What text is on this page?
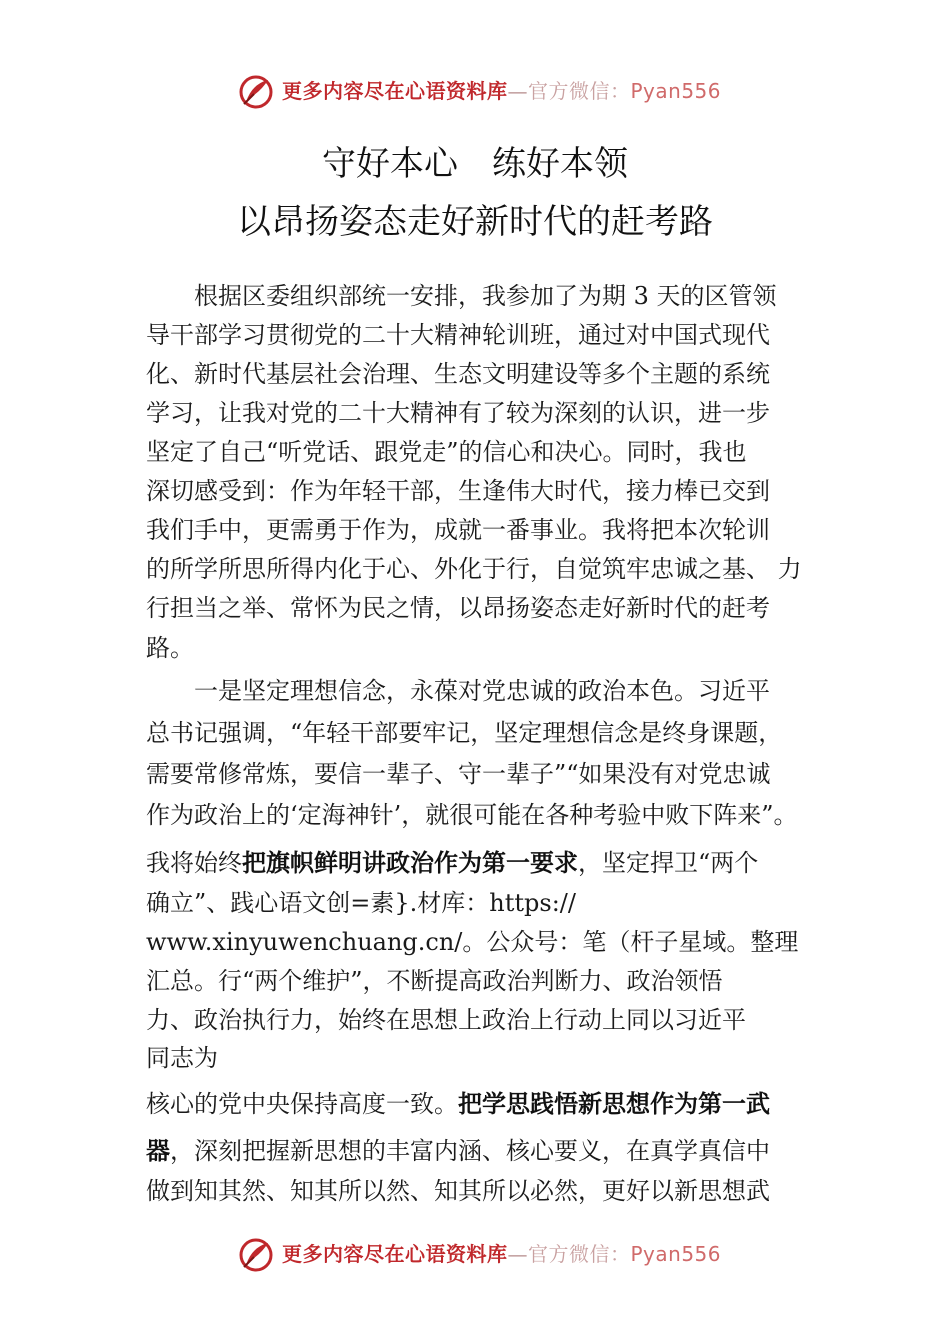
更多内容尽在心语资料库—官方微信：Pyan556
守好本心　练好本领
以昂扬姿态走好新时代的赶考路
　　根据区委组织部统一安排，我参加了为期 3 天的区管领
导干部学习贯彻党的二十大精神轮训班，通过对中国式现代
化、新时代基层社会治理、生态文明建设等多个主题的系统
学习，让我对党的二十大精神有了较为深刻的认识，进一步
坚定了自己“听党话、跟党走”的信心和决心。同时，我也
深切感受到：作为年轻干部，生逢伟大时代，接力棒已交到
我们手中，更需勇于作为，成就一番事业。我将把本次轮训
的所学所思所得内化于心、外化于行，自觉筑牢忠诚之基、 力
行担当之举、常怀为民之情，以昂扬姿态走好新时代的赶考
路。
　　一是坚定理想信念，永葆对党忠诚的政治本色。习近平
总书记强调，“年轻干部要牢记，坚定理想信念是终身课题，
需要常修常炼，要信一辈子、守一辈子”“如果没有对党忠诚
作为政治上的‘定海神针’，就很可能在各种考验中败下阵来”。
我将始终把旗帜鲜明讲政治作为第一要求，坚定捍卫“两个
确立”、践心语文创=素}.材库：https://
www.xinyuwenchuang.cn/。公众号：笔（杆子星域。整理
汇总。行“两个维护”，不断提高政治判断力、政治领悟
力、政治执行力，始终在思想上政治上行动上同以习近平
同志为
核心的党中央保持高度一致。把学思践悟新思想作为第一武
器，深刻把握新思想的丰富内涵、核心要义，在真学真信中
做到知其然、知其所以然、知其所以必然，更好以新思想武
更多内容尽在心语资料库—官方微信：Pyan556
